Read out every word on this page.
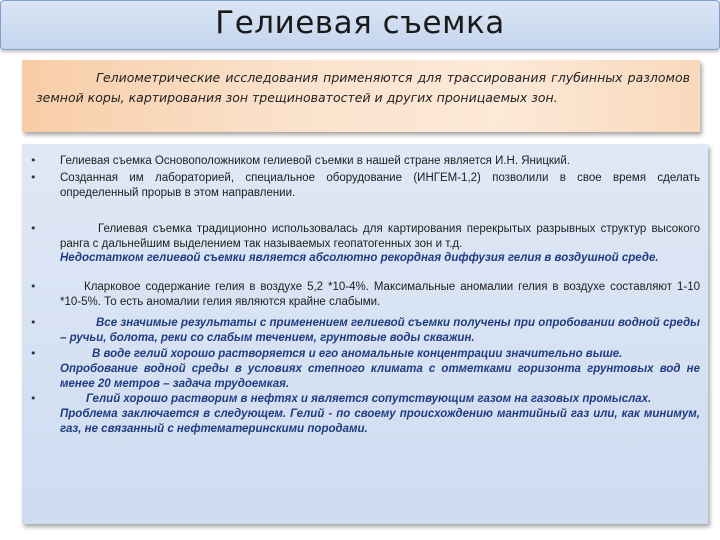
Гелиевая съемка

Гелиометрические исследования применяются для трассирования глубинных разломов земной коры, картирования зон трещиноватостей и других проницаемых зон.

• Гелиевая съемка Основоположником гелиевой съемки в нашей стране является И.Н. Яницкий.
• Созданная им лабораторией, специальное оборудование (ИНГЕМ-1,2) позволили в свое время сделать определенный прорыв в этом направлении.
•	Гелиевая съемка традиционно использовалась для картирования перекрытых разрывных структур высокого ранга с дальнейшим выделением так называемых геопатогенных зон и т.д.
Недостатком гелиевой съемки является абсолютно рекордная диффузия гелия в воздушной среде.
•	Кларковое содержание гелия в воздухе 5,2 *10-4%. Максимальные аномалии гелия в воздухе составляют 1-10 *10-5%. То есть аномалии гелия являются крайне слабыми.
•	Все значимые результаты с применением гелиевой съемки получены при опробовании водной среды – ручьи, болота, реки со слабым течением, грунтовые воды скважин.
•	В воде гелий хорошо растворяется и его аномальные концентрации значительно выше.
Опробование водной среды в условиях степного климата с отметками горизонта грунтовых вод не менее 20 метров – задача трудоемкая.
•	Гелий хорошо растворим в нефтях и является сопутствующим газом на газовых промыслах.
Проблема заключается в следующем. Гелий - по своему происхождению мантийный газ или, как минимум, газ, не связанный с нефтематеринскими породами.
